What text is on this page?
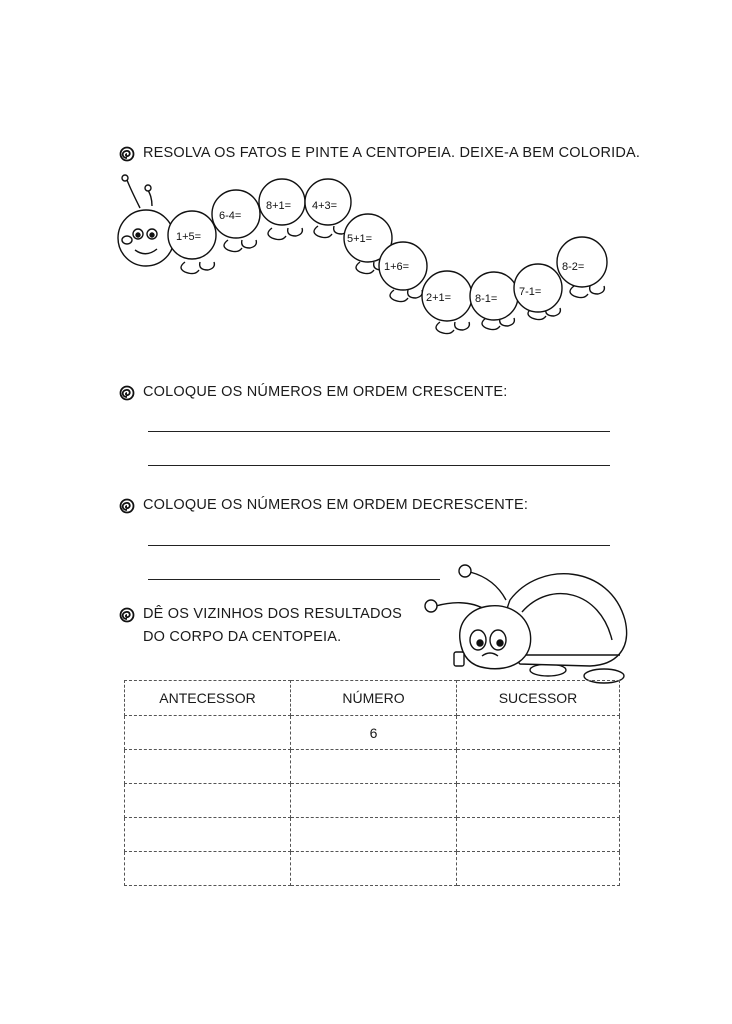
RESOLVA OS FATOS E PINTE A CENTOPEIA. DEIXE-A BEM COLORIDA.
1+5=
6-4=
8+1= 4+3=
5+1=
1+6=
2+1= 8-1=
7-1=
8-2=
COLOQUE OS NÚMEROS EM ORDEM CRESCENTE:
COLOQUE OS NÚMEROS EM ORDEM DECRESCENTE:
DÊ OS VIZINHOS DOS RESULTADOS
DO CORPO DA CENTOPEIA.
ANTECESSOR	NÚMERO	SUCESSOR
	6	
